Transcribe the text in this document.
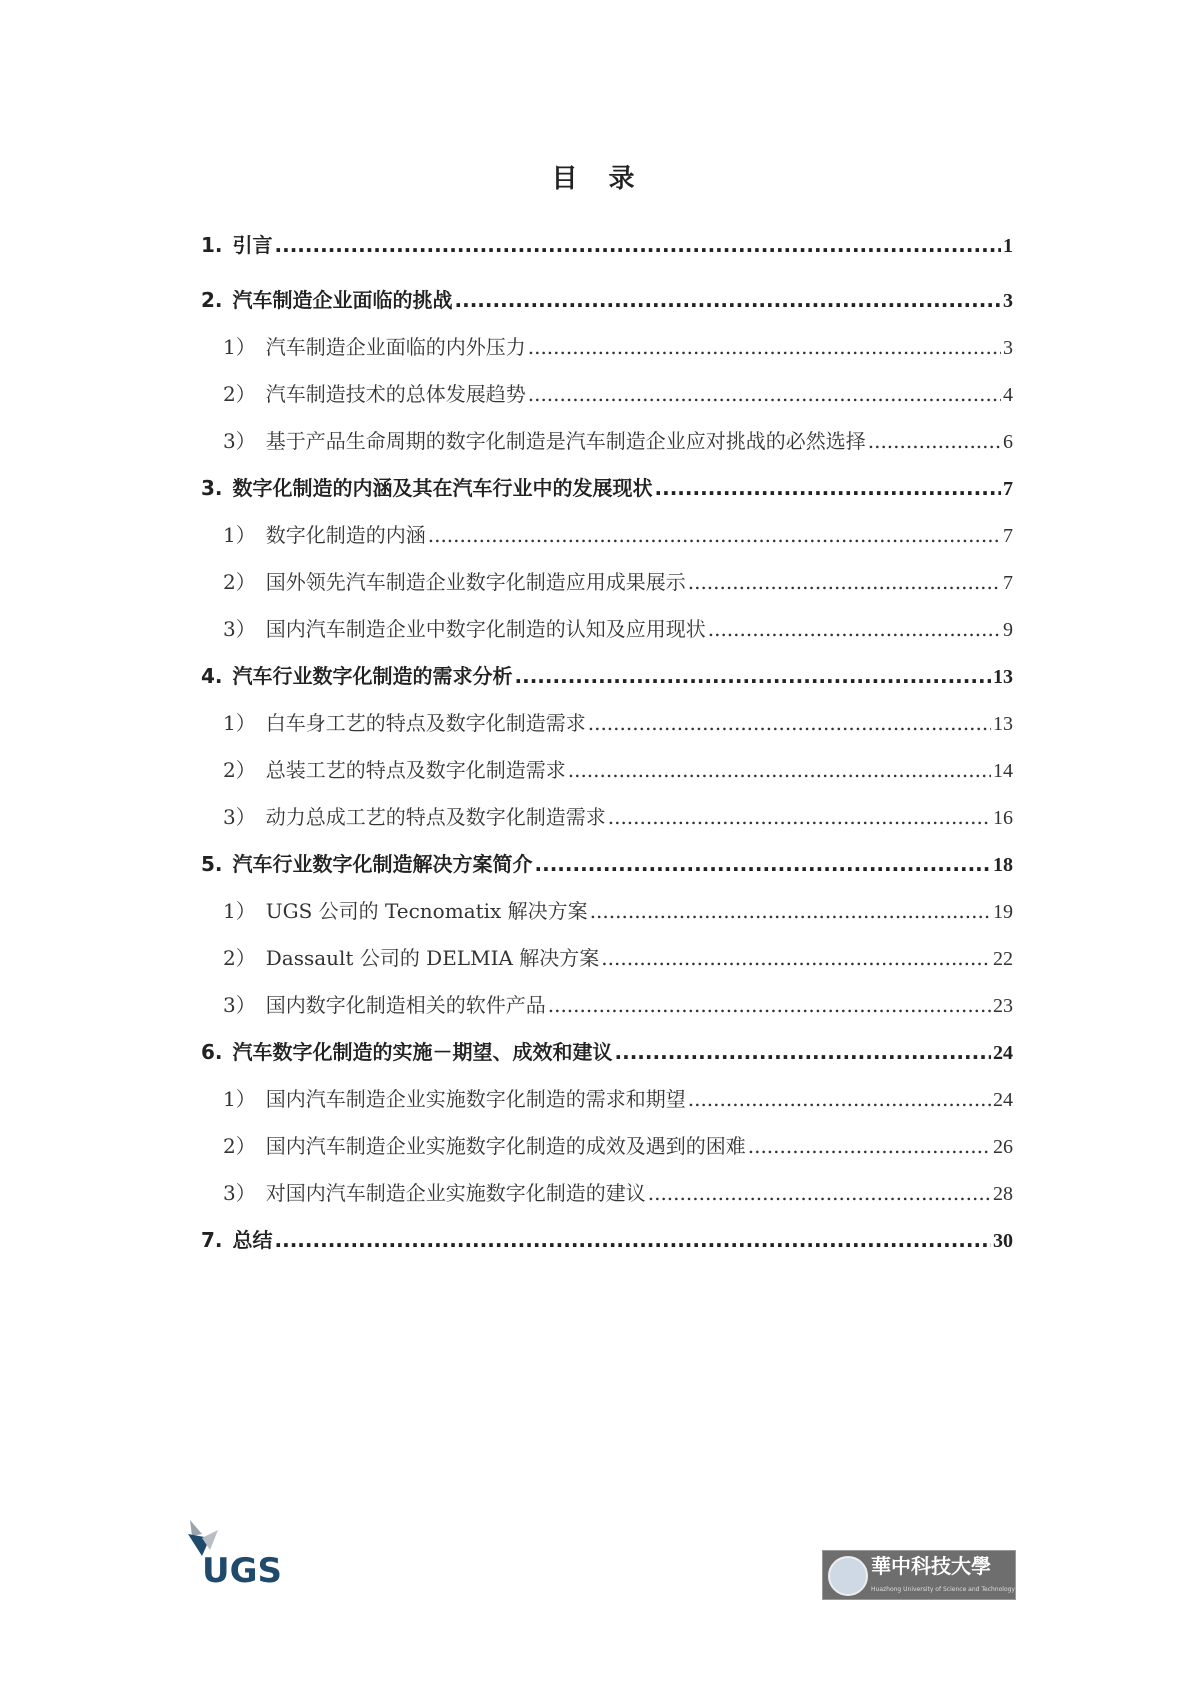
目 录
1. 引言 .....	1
2. 汽车制造企业面临的挑战 .....	3
1） 汽车制造企业面临的内外压力 .....	3
2） 汽车制造技术的总体发展趋势 .....	4
3） 基于产品生命周期的数字化制造是汽车制造企业应对挑战的必然选择 .....	6
3. 数字化制造的内涵及其在汽车行业中的发展现状 .....	7
1） 数字化制造的内涵 .....	7
2） 国外领先汽车制造企业数字化制造应用成果展示 .....	7
3） 国内汽车制造企业中数字化制造的认知及应用现状 .....	9
4. 汽车行业数字化制造的需求分析 .....	13
1） 白车身工艺的特点及数字化制造需求 .....	13
2） 总装工艺的特点及数字化制造需求 .....	14
3） 动力总成工艺的特点及数字化制造需求 .....	16
5. 汽车行业数字化制造解决方案简介 .....	18
1） UGS 公司的 Tecnomatix 解决方案 .....	19
2） Dassault 公司的 DELMIA 解决方案 .....	22
3） 国内数字化制造相关的软件产品 .....	23
6. 汽车数字化制造的实施－期望、成效和建议 .....	24
1） 国内汽车制造企业实施数字化制造的需求和期望 .....	24
2） 国内汽车制造企业实施数字化制造的成效及遇到的困难 .....	26
3） 对国内汽车制造企业实施数字化制造的建议 .....	28
7. 总结 .....	30
UGS	華中科技大學
Huazhong University of Science and Technology
